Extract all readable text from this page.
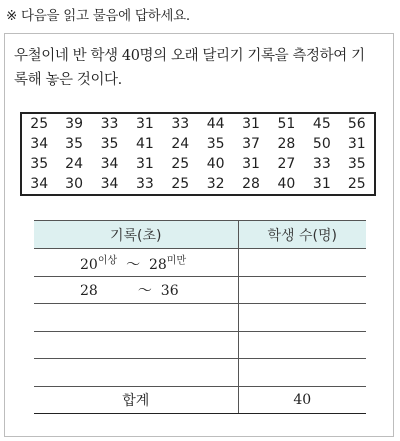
※ 다음을 읽고 물음에 답하세요.
우철이네 반 학생 40명의 오래 달리기 기록을 측정하여 기
록해 놓은 것이다.
25	39	33	31	33	44	31	51	45	56
34	35	35	41	24	35	37	28	50	31
35	24	34	31	25	40	31	27	33	35
34	30	34	33	25	32	28	40	31	25
기록(초)	학생 수(명)
$20^{이상}$ ～ $28^{미만}$	
28 ～ 36	

합계	40
